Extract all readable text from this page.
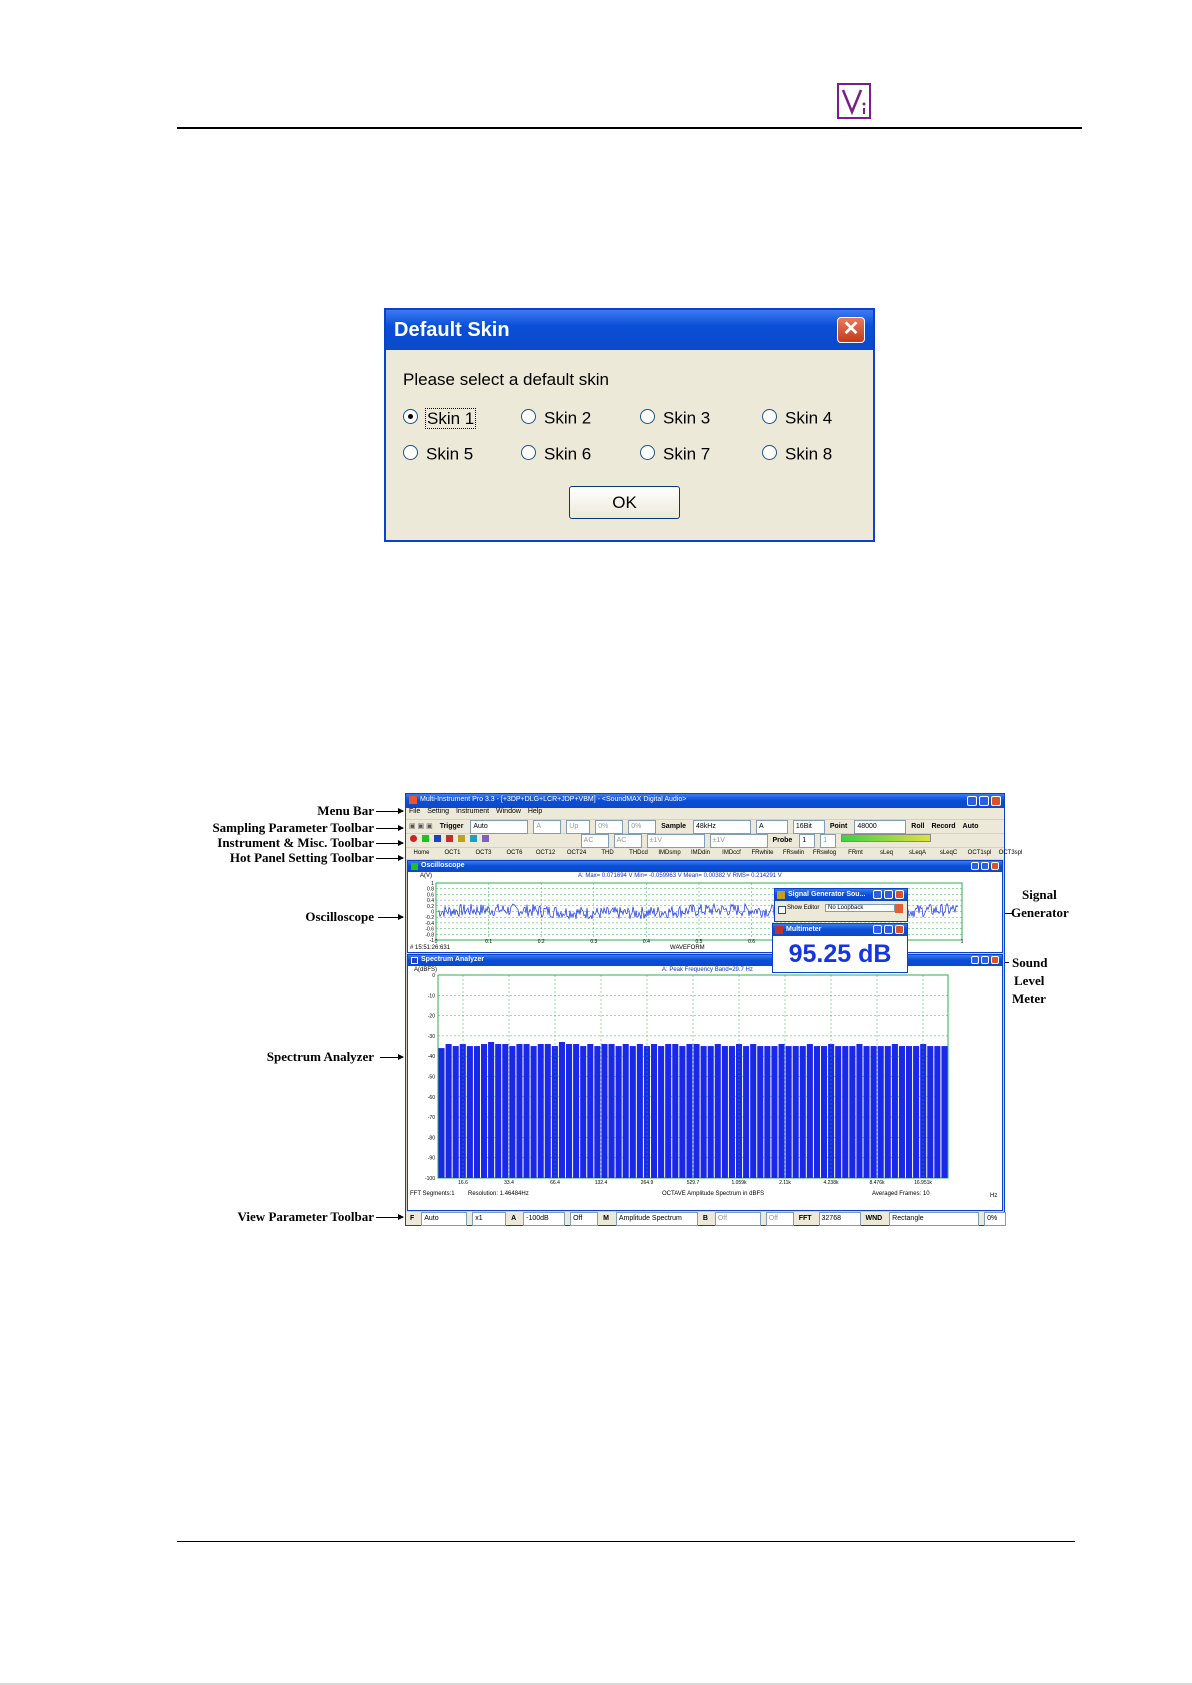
Default Skin	✕
Please select a default skin
Skin 1	Skin 2	Skin 3	Skin 4
Skin 5	Skin 6	Skin 7	Skin 8
OK
Menu Bar
Sampling Parameter Toolbar
Instrument & Misc. Toolbar
Hot Panel Setting Toolbar
Oscilloscope
Spectrum Analyzer
View Parameter Toolbar
Signal
Generator
Sound
Level
Meter
Multi-Instrument Pro 3.3 - [+3DP+DLG+LCR+JDP+VBM] - <SoundMAX Digital Audio>
File Setting Instrument Window Help
▣ ▣ ▣ Trigger Auto	A	Up	0%	0%	Sample 48kHz	A	16Bit	Point 48000	Roll Record Auto
AC	AC	±1V	±1V	Probe 1 1
Home OCT1 OCT3 OCT6 OCT12 OCT24	THD	THDcd IMDsmp IMDdin IMDccf FRwhite FRswlin FRswlog FRmt	sLeq	sLeqA sLeqC OCT1spl OCT3spl
Oscilloscope
A(V)	A: Max= 0.071694 V Min= -0.059963 V Mean= 0.00382 V RMS= 0.214291 V
1
0.8
0.6
0.4
0.2
0
-0.2
-0.4
-0.6
-0.8
-1 0	0.1	0.2	0.3	0.4	0.5	0.6	1
# 15:51:26:631	WAVEFORM
Spectrum Analyzer
A(dBFS)	A: Peak Frequency Band=29.7 Hz
0
-10
-20
-30
-40
-50
-60
-70
-80
-90
-100
16.6	33.4	66.4	132.4	264.9	529.7	1.059k	2.11k	4.238k	8.476k	16.951k
FFT Segments:1 Resolution: 1.46484Hz	OCTAVE Amplitude Spectrum in dBFS	Averaged Frames: 10	Hz
F Auto	x1	A -100dB	Off	M Amplitude Spectrum	B Off	Off	FFT 32768	WND Rectangle	0%
Signal Generator Sou...
Show Editor	No Loopback
Multimeter
95.25 dB
